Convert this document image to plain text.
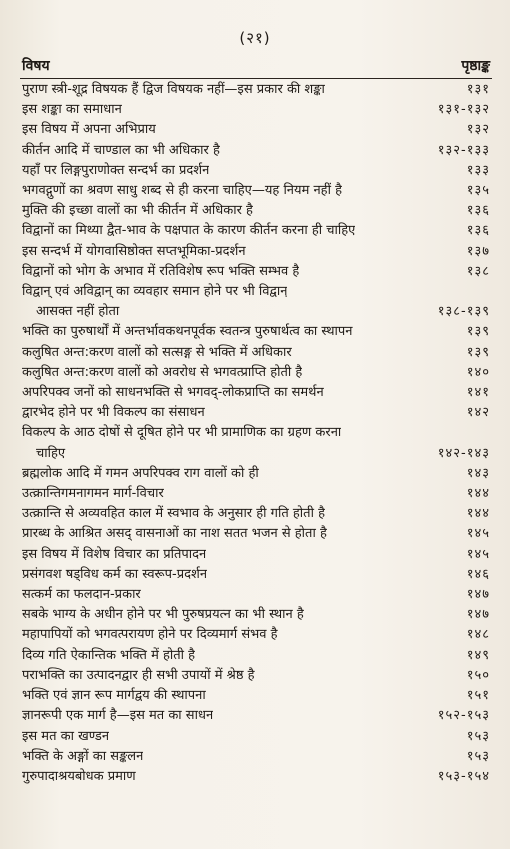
(२१)
विषय	पृष्ठाङ्क
पुराण स्त्री-शूद्र विषयक हैं द्विज विषयक नहीं—इस प्रकार की शङ्का	१३१
इस शङ्का का समाधान	१३१-१३२
इस विषय में अपना अभिप्राय	१३२
कीर्तन आदि में चाण्डाल का भी अधिकार है	१३२-१३३
यहाँ पर लिङ्गपुराणोक्त सन्दर्भ का प्रदर्शन	१३३
भगवद्गुणों का श्रवण साधु शब्द से ही करना चाहिए—यह नियम नहीं है	१३५
मुक्ति की इच्छा वालों का भी कीर्तन में अधिकार है	१३६
विद्वानों का मिथ्या द्वैत-भाव के पक्षपात के कारण कीर्तन करना ही चाहिए	१३६
इस सन्दर्भ में योगवासिष्ठोक्त सप्तभूमिका-प्रदर्शन	१३७
विद्वानों को भोग के अभाव में रतिविशेष रूप भक्ति सम्भव है	१३८
विद्वान् एवं अविद्वान् का व्यवहार समान होने पर भी विद्वान्
आसक्त नहीं होता	१३८-१३९
भक्ति का पुरुषार्थों में अन्तर्भावकथनपूर्वक स्वतन्त्र पुरुषार्थत्व का स्थापन	१३९
कलुषित अन्त:करण वालों को सत्सङ्ग से भक्ति में अधिकार	१३९
कलुषित अन्त:करण वालों को अवरोध से भगवत्प्राप्ति होती है	१४०
अपरिपक्व जनों को साधनभक्ति से भगवद्-लोकप्राप्ति का समर्थन	१४१
द्वारभेद होने पर भी विकल्प का संसाधन	१४२
विकल्प के आठ दोषों से दूषित होने पर भी प्रामाणिक का ग्रहण करना
चाहिए	१४२-१४३
ब्रह्मलोक आदि में गमन अपरिपक्व राग वालों को ही	१४३
उत्क्रान्तिगमनागमन मार्ग-विचार	१४४
उत्क्रान्ति से अव्यवहित काल में स्वभाव के अनुसार ही गति होती है	१४४
प्रारब्ध के आश्रित असद् वासनाओं का नाश सतत भजन से होता है	१४५
इस विषय में विशेष विचार का प्रतिपादन	१४५
प्रसंगवश षड्विध कर्म का स्वरूप-प्रदर्शन	१४६
सत्कर्म का फलदान-प्रकार	१४७
सबके भाग्य के अधीन होने पर भी पुरुषप्रयत्न का भी स्थान है	१४७
महापापियों को भगवत्परायण होने पर दिव्यमार्ग संभव है	१४८
दिव्य गति ऐकान्तिक भक्ति में होती है	१४९
पराभक्ति का उत्पादनद्वार ही सभी उपायों में श्रेष्ठ है	१५०
भक्ति एवं ज्ञान रूप मार्गद्वय की स्थापना	१५१
ज्ञानरूपी एक मार्ग है—इस मत का साधन	१५२-१५३
इस मत का खण्डन	१५३
भक्ति के अङ्गों का सङ्कलन	१५३
गुरुपादाश्रयबोधक प्रमाण	१५३-१५४
